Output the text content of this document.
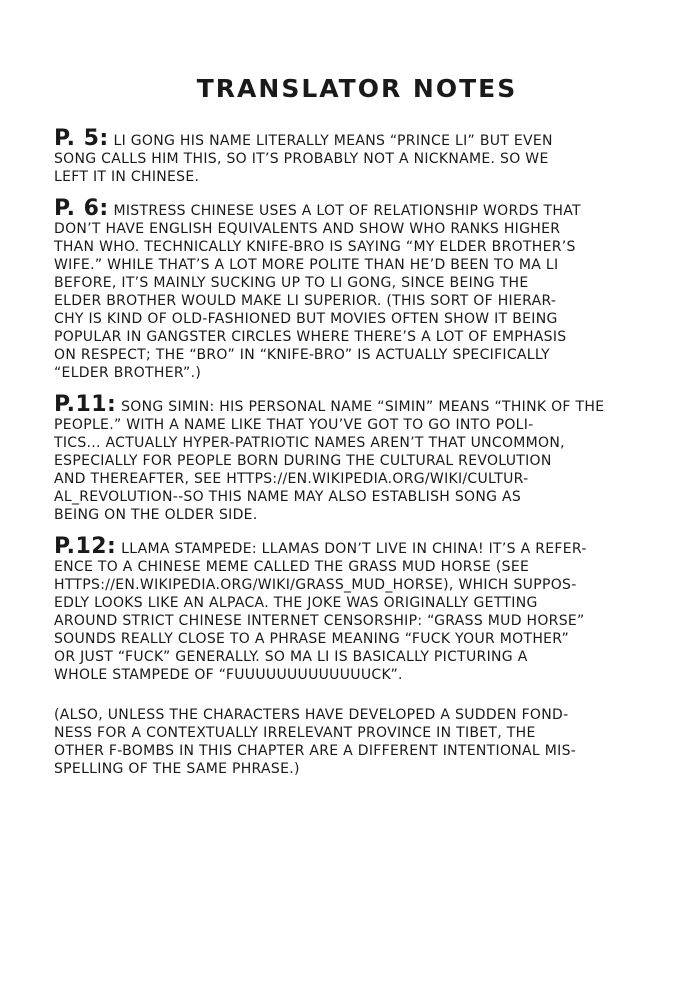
TRANSLATOR NOTES
P. 5: LI GONG HIS NAME LITERALLY MEANS “PRINCE LI” BUT EVEN
SONG CALLS HIM THIS, SO IT’S PROBABLY NOT A NICKNAME. SO WE
LEFT IT IN CHINESE.
P. 6: MISTRESS CHINESE USES A LOT OF RELATIONSHIP WORDS THAT
DON’T HAVE ENGLISH EQUIVALENTS AND SHOW WHO RANKS HIGHER
THAN WHO. TECHNICALLY KNIFE-BRO IS SAYING “MY ELDER BROTHER’S
WIFE.” WHILE THAT’S A LOT MORE POLITE THAN HE’D BEEN TO MA LI
BEFORE, IT’S MAINLY SUCKING UP TO LI GONG, SINCE BEING THE
ELDER BROTHER WOULD MAKE LI SUPERIOR. (THIS SORT OF HIERAR-
CHY IS KIND OF OLD-FASHIONED BUT MOVIES OFTEN SHOW IT BEING
POPULAR IN GANGSTER CIRCLES WHERE THERE’S A LOT OF EMPHASIS
ON RESPECT; THE “BRO” IN “KNIFE-BRO” IS ACTUALLY SPECIFICALLY
“ELDER BROTHER”.)
P.11: SONG SIMIN: HIS PERSONAL NAME “SIMIN” MEANS “THINK OF THE
PEOPLE.” WITH A NAME LIKE THAT YOU’VE GOT TO GO INTO POLI-
TICS... ACTUALLY HYPER-PATRIOTIC NAMES AREN’T THAT UNCOMMON,
ESPECIALLY FOR PEOPLE BORN DURING THE CULTURAL REVOLUTION
AND THEREAFTER, SEE HTTPS://EN.WIKIPEDIA.ORG/WIKI/CULTUR-
AL_REVOLUTION--SO THIS NAME MAY ALSO ESTABLISH SONG AS
BEING ON THE OLDER SIDE.
P.12: LLAMA STAMPEDE: LLAMAS DON’T LIVE IN CHINA! IT’S A REFER-
ENCE TO A CHINESE MEME CALLED THE GRASS MUD HORSE (SEE
HTTPS://EN.WIKIPEDIA.ORG/WIKI/GRASS_MUD_HORSE), WHICH SUPPOS-
EDLY LOOKS LIKE AN ALPACA. THE JOKE WAS ORIGINALLY GETTING
AROUND STRICT CHINESE INTERNET CENSORSHIP: “GRASS MUD HORSE”
SOUNDS REALLY CLOSE TO A PHRASE MEANING “FUCK YOUR MOTHER”
OR JUST “FUCK” GENERALLY. SO MA LI IS BASICALLY PICTURING A
WHOLE STAMPEDE OF “FUUUUUUUUUUUUUCK”.
(ALSO, UNLESS THE CHARACTERS HAVE DEVELOPED A SUDDEN FOND-
NESS FOR A CONTEXTUALLY IRRELEVANT PROVINCE IN TIBET, THE
OTHER F-BOMBS IN THIS CHAPTER ARE A DIFFERENT INTENTIONAL MIS-
SPELLING OF THE SAME PHRASE.)
